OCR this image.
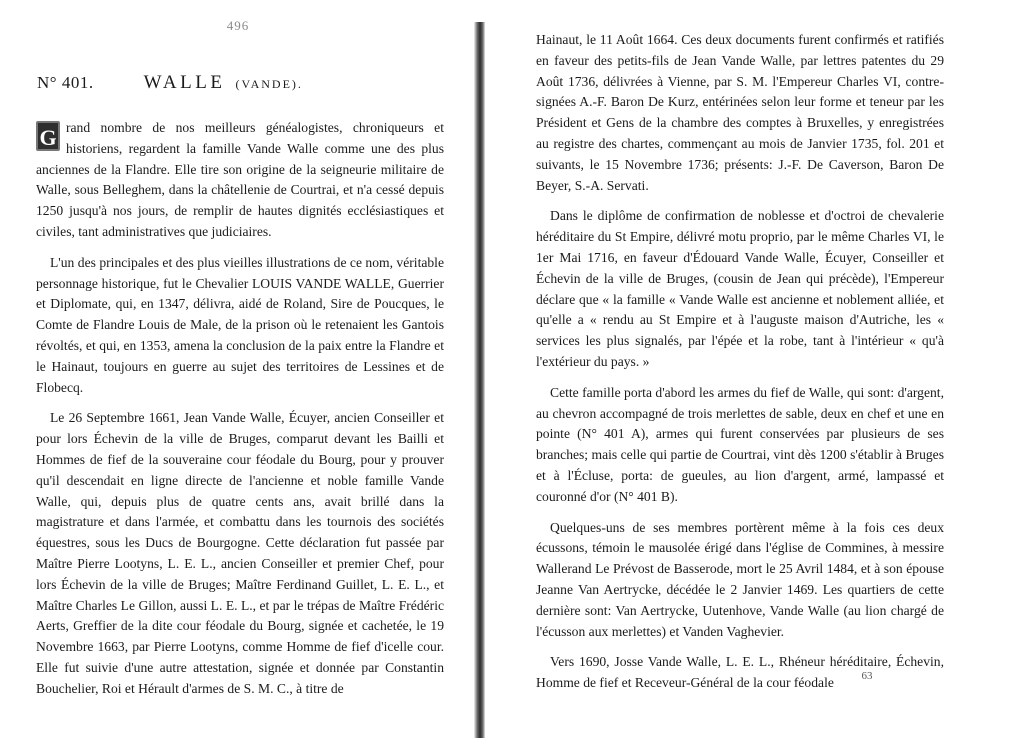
496
N° 401.	WALLE (VANDE).

G rand nombre de nos meilleurs généalogistes, chroniqueurs et historiens, regardent la famille Vande Walle comme une des plus anciennes de la Flandre. Elle tire son origine de la seigneurie militaire de Walle, sous Belleghem, dans la châtellenie de Courtrai, et n'a cessé depuis 1250 jusqu'à nos jours, de remplir de hautes dignités ecclésiastiques et civiles, tant administratives que judiciaires.

L'un des principales et des plus vieilles illustrations de ce nom, véritable personnage historique, fut le Chevalier LOUIS VANDE WALLE, Guerrier et Diplomate, qui, en 1347, délivra, aidé de Roland, Sire de Poucques, le Comte de Flandre Louis de Male, de la prison où le retenaient les Gantois révoltés, et qui, en 1353, amena la conclusion de la paix entre la Flandre et le Hainaut, toujours en guerre au sujet des territoires de Lessines et de Flobecq.

Le 26 Septembre 1661, Jean Vande Walle, Écuyer, ancien Conseiller et pour lors Échevin de la ville de Bruges, comparut devant les Bailli et Hommes de fief de la souveraine cour féodale du Bourg, pour y prouver qu'il descendait en ligne directe de l'ancienne et noble famille Vande Walle, qui, depuis plus de quatre cents ans, avait brillé dans la magistrature et dans l'armée, et combattu dans les tournois des sociétés équestres, sous les Ducs de Bourgogne. Cette déclaration fut passée par Maître Pierre Lootyns, L. E. L., ancien Conseiller et premier Chef, pour lors Échevin de la ville de Bruges; Maître Ferdinand Guillet, L. E. L., et Maître Charles Le Gillon, aussi L. E. L., et par le trépas de Maître Frédéric Aerts, Greffier de la dite cour féodale du Bourg, signée et cachetée, le 19 Novembre 1663, par Pierre Lootyns, comme Homme de fief d'icelle cour. Elle fut suivie d'une autre attestation, signée et donnée par Constantin Bouchelier, Roi et Hérault d'armes de S. M. C., à titre de

Hainaut, le 11 Août 1664. Ces deux documents furent confirmés et ratifiés en faveur des petits-fils de Jean Vande Walle, par lettres patentes du 29 Août 1736, délivrées à Vienne, par S. M. l'Empereur Charles VI, contre-signées A.-F. Baron De Kurz, entérinées selon leur forme et teneur par les Président et Gens de la chambre des comptes à Bruxelles, y enregistrées au registre des chartes, commençant au mois de Janvier 1735, fol. 201 et suivants, le 15 Novembre 1736; présents: J.-F. De Caverson, Baron De Beyer, S.-A. Servati.

Dans le diplôme de confirmation de noblesse et d'octroi de chevalerie héréditaire du St Empire, délivré motu proprio, par le même Charles VI, le 1er Mai 1716, en faveur d'Édouard Vande Walle, Écuyer, Conseiller et Échevin de la ville de Bruges, (cousin de Jean qui précède), l'Empereur déclare que « la famille « Vande Walle est ancienne et noblement alliée, et qu'elle a « rendu au St Empire et à l'auguste maison d'Autriche, les « services les plus signalés, par l'épée et la robe, tant à l'intérieur « qu'à l'extérieur du pays. »

Cette famille porta d'abord les armes du fief de Walle, qui sont: d'argent, au chevron accompagné de trois merlettes de sable, deux en chef et une en pointe (N° 401 A), armes qui furent conservées par plusieurs de ses branches; mais celle qui partie de Courtrai, vint dès 1200 s'établir à Bruges et à l'Écluse, porta: de gueules, au lion d'argent, armé, lampassé et couronné d'or (N° 401 B).

Quelques-uns de ses membres portèrent même à la fois ces deux écussons, témoin le mausolée érigé dans l'église de Commines, à messire Wallerand Le Prévost de Basserode, mort le 25 Avril 1484, et à son épouse Jeanne Van Aertrycke, décédée le 2 Janvier 1469. Les quartiers de cette dernière sont: Van Aertrycke, Uutenhove, Vande Walle (au lion chargé de l'écusson aux merlettes) et Vanden Vaghevier.

Vers 1690, Josse Vande Walle, L. E. L., Rhéneur héréditaire, Échevin, Homme de fief et Receveur-Général de la cour féodale	63
